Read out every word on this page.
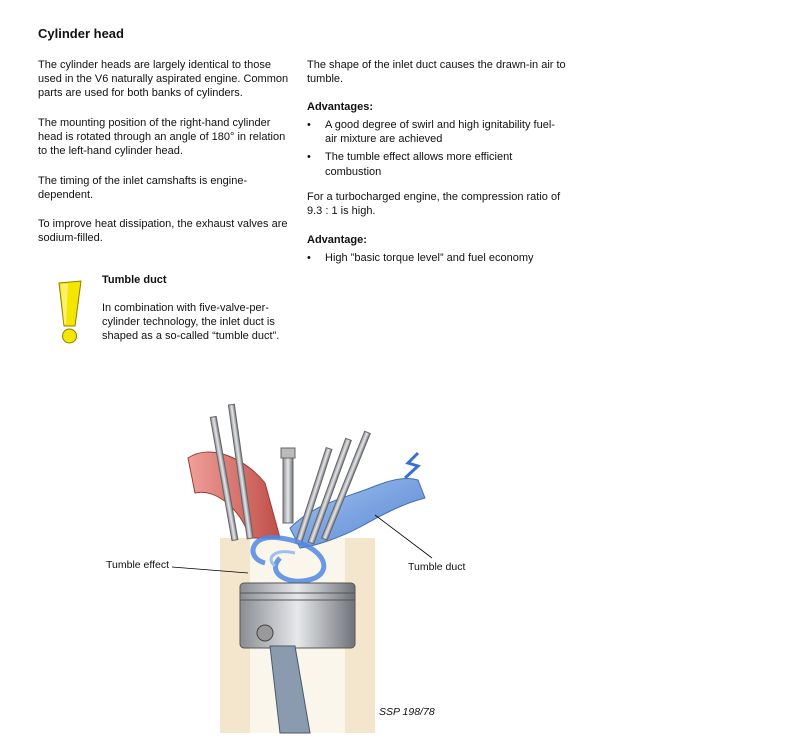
Cylinder head

The cylinder heads are largely identical to those used in the V6 naturally aspirated engine. Common parts are used for both banks of cylinders.

The mounting position of the right-hand cylinder head is rotated through an angle of 180° in relation to the left-hand cylinder head.

The timing of the inlet camshafts is engine-dependent.

To improve heat dissipation, the exhaust valves are sodium-filled.

Tumble duct

In combination with five-valve-per-cylinder technology, the inlet duct is shaped as a so-called “tumble duct”.

The shape of the inlet duct causes the drawn-in air to tumble.

Advantages:

• A good degree of swirl and high ignitability fuel-air mixture are achieved
• The tumble effect allows more efficient combustion

For a turbocharged engine, the compression ratio of 9.3 : 1 is high.

Advantage:

• High ”basic torque level” and fuel economy
Tumble effect	Tumble duct
SSP 198/78
